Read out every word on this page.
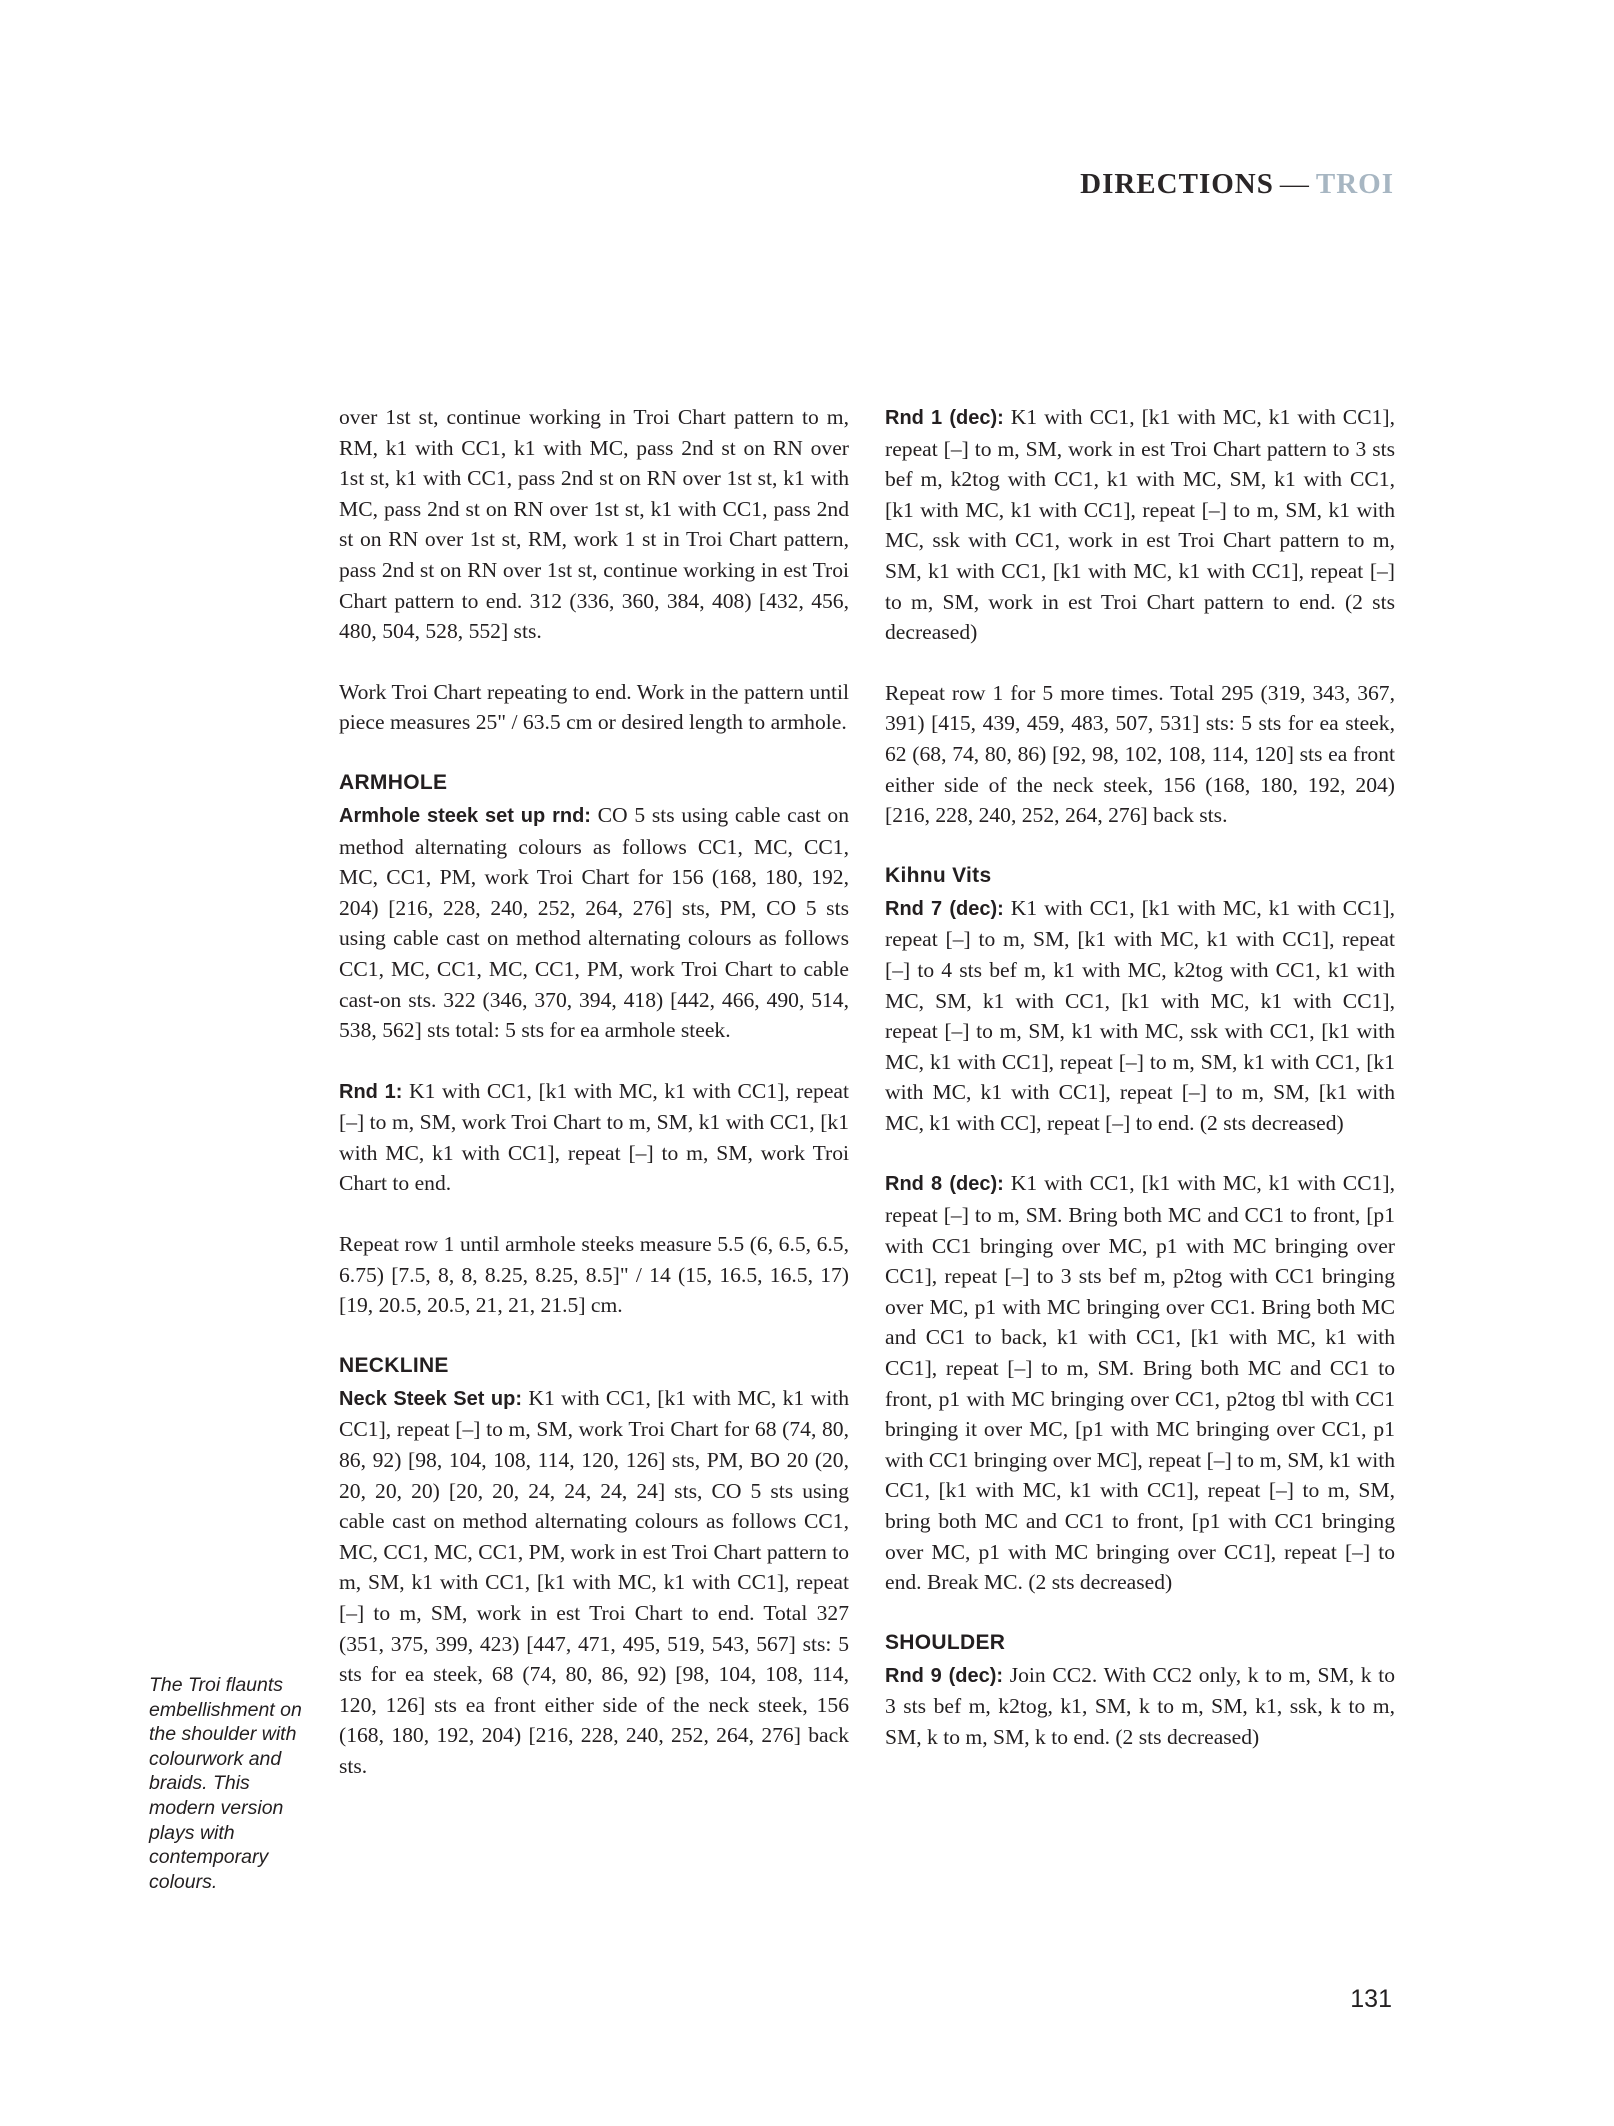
DIRECTIONS — TROI

over 1st st, continue working in Troi Chart pattern to m, RM, k1 with CC1, k1 with MC, pass 2nd st on RN over 1st st, k1 with CC1, pass 2nd st on RN over 1st st, k1 with MC, pass 2nd st on RN over 1st st, k1 with CC1, pass 2nd st on RN over 1st st, RM, work 1 st in Troi Chart pattern, pass 2nd st on RN over 1st st, continue working in est Troi Chart pattern to end. 312 (336, 360, 384, 408) [432, 456, 480, 504, 528, 552] sts.

Work Troi Chart repeating to end. Work in the pattern until piece measures 25" / 63.5 cm or desired length to armhole.

ARMHOLE

Armhole steek set up rnd: CO 5 sts using cable cast on method alternating colours as follows CC1, MC, CC1, MC, CC1, PM, work Troi Chart for 156 (168, 180, 192, 204) [216, 228, 240, 252, 264, 276] sts, PM, CO 5 sts using cable cast on method alternating colours as follows CC1, MC, CC1, MC, CC1, PM, work Troi Chart to cable cast-on sts. 322 (346, 370, 394, 418) [442, 466, 490, 514, 538, 562] sts total: 5 sts for ea armhole steek.

Rnd 1: K1 with CC1, [k1 with MC, k1 with CC1], repeat [–] to m, SM, work Troi Chart to m, SM, k1 with CC1, [k1 with MC, k1 with CC1], repeat [–] to m, SM, work Troi Chart to end.

Repeat row 1 until armhole steeks measure 5.5 (6, 6.5, 6.5, 6.75) [7.5, 8, 8, 8.25, 8.25, 8.5]" / 14 (15, 16.5, 16.5, 17) [19, 20.5, 20.5, 21, 21, 21.5] cm.

NECKLINE

Neck Steek Set up: K1 with CC1, [k1 with MC, k1 with CC1], repeat [–] to m, SM, work Troi Chart for 68 (74, 80, 86, 92) [98, 104, 108, 114, 120, 126] sts, PM, BO 20 (20, 20, 20, 20) [20, 20, 24, 24, 24, 24] sts, CO 5 sts using cable cast on method alternating colours as follows CC1, MC, CC1, MC, CC1, PM, work in est Troi Chart pattern to m, SM, k1 with CC1, [k1 with MC, k1 with CC1], repeat [–] to m, SM, work in est Troi Chart to end. Total 327 (351, 375, 399, 423) [447, 471, 495, 519, 543, 567] sts: 5 sts for ea steek, 68 (74, 80, 86, 92) [98, 104, 108, 114, 120, 126] sts ea front either side of the neck steek, 156 (168, 180, 192, 204) [216, 228, 240, 252, 264, 276] back sts.

Rnd 1 (dec): K1 with CC1, [k1 with MC, k1 with CC1], repeat [–] to m, SM, work in est Troi Chart pattern to 3 sts bef m, k2tog with CC1, k1 with MC, SM, k1 with CC1, [k1 with MC, k1 with CC1], repeat [–] to m, SM, k1 with MC, ssk with CC1, work in est Troi Chart pattern to m, SM, k1 with CC1, [k1 with MC, k1 with CC1], repeat [–] to m, SM, work in est Troi Chart pattern to end. (2 sts decreased)

Repeat row 1 for 5 more times. Total 295 (319, 343, 367, 391) [415, 439, 459, 483, 507, 531] sts: 5 sts for ea steek, 62 (68, 74, 80, 86) [92, 98, 102, 108, 114, 120] sts ea front either side of the neck steek, 156 (168, 180, 192, 204) [216, 228, 240, 252, 264, 276] back sts.

Kihnu Vits

Rnd 7 (dec): K1 with CC1, [k1 with MC, k1 with CC1], repeat [–] to m, SM, [k1 with MC, k1 with CC1], repeat [–] to 4 sts bef m, k1 with MC, k2tog with CC1, k1 with MC, SM, k1 with CC1, [k1 with MC, k1 with CC1], repeat [–] to m, SM, k1 with MC, ssk with CC1, [k1 with MC, k1 with CC1], repeat [–] to m, SM, k1 with CC1, [k1 with MC, k1 with CC1], repeat [–] to m, SM, [k1 with MC, k1 with CC], repeat [–] to end. (2 sts decreased)

Rnd 8 (dec): K1 with CC1, [k1 with MC, k1 with CC1], repeat [–] to m, SM. Bring both MC and CC1 to front, [p1 with CC1 bringing over MC, p1 with MC bringing over CC1], repeat [–] to 3 sts bef m, p2tog with CC1 bringing over MC, p1 with MC bringing over CC1. Bring both MC and CC1 to back, k1 with CC1, [k1 with MC, k1 with CC1], repeat [–] to m, SM. Bring both MC and CC1 to front, p1 with MC bringing over CC1, p2tog tbl with CC1 bringing it over MC, [p1 with MC bringing over CC1, p1 with CC1 bringing over MC], repeat [–] to m, SM, k1 with CC1, [k1 with MC, k1 with CC1], repeat [–] to m, SM, bring both MC and CC1 to front, [p1 with CC1 bringing over MC, p1 with MC bringing over CC1], repeat [–] to end. Break MC. (2 sts decreased)

SHOULDER

Rnd 9 (dec): Join CC2. With CC2 only, k to m, SM, k to 3 sts bef m, k2tog, k1, SM, k to m, SM, k1, ssk, k to m, SM, k to m, SM, k to end. (2 sts decreased)

The Troi flaunts embellishment on the shoulder with colourwork and braids. This modern version plays with contemporary colours.
131
